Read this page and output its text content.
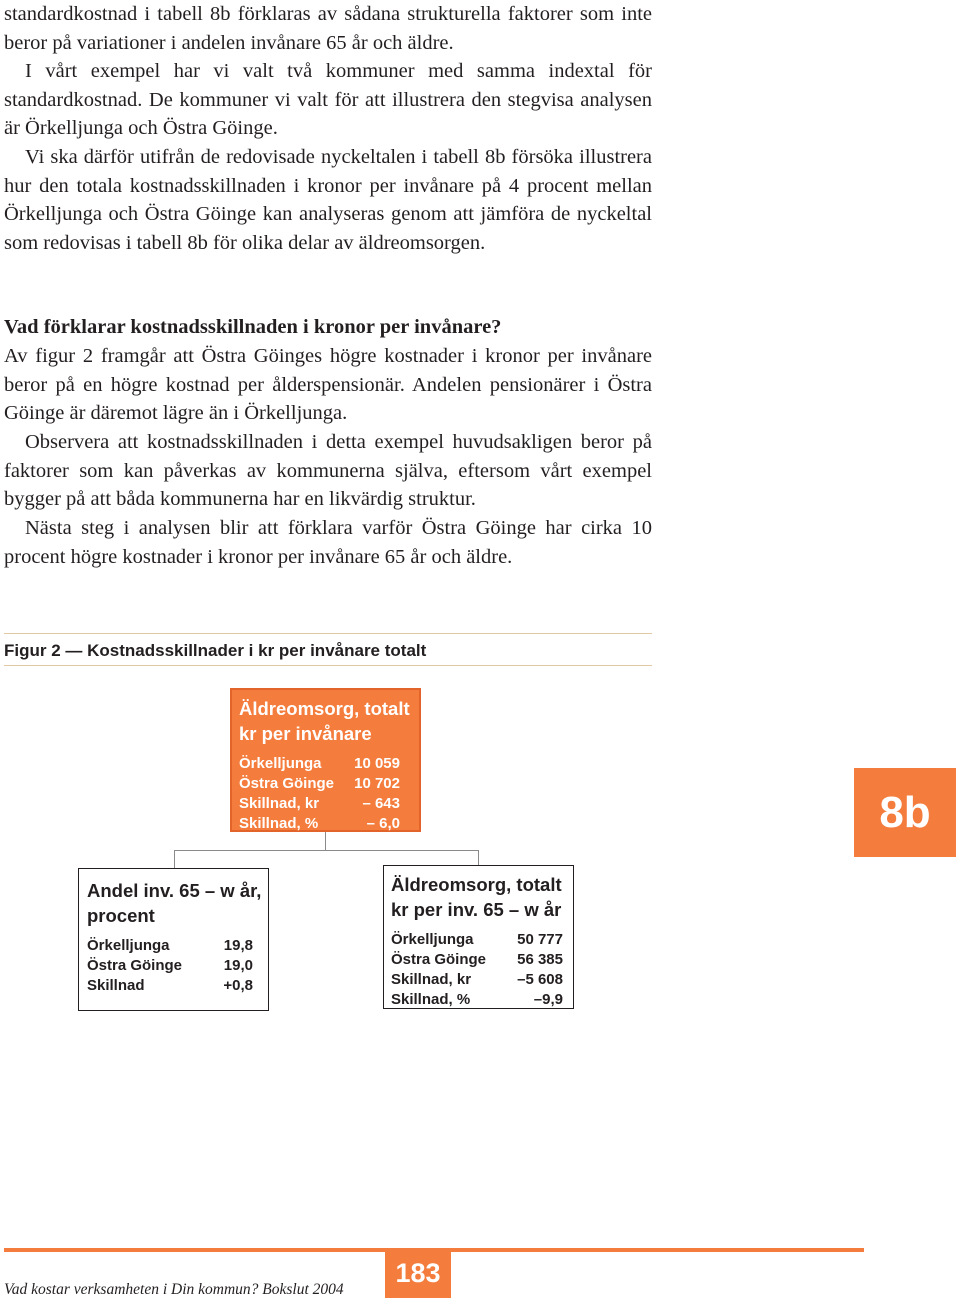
standardkostnad i tabell 8b förklaras av sådana strukturella faktorer som inte beror på variationer i andelen invånare 65 år och äldre.

I vårt exempel har vi valt två kommuner med samma indextal för standardkostnad. De kommuner vi valt för att illustrera den stegvisa analysen är Örkelljunga och Östra Göinge.

Vi ska därför utifrån de redovisade nyckeltalen i tabell 8b försöka illustrera hur den totala kostnadsskillnaden i kronor per invånare på 4 procent mellan Örkelljunga och Östra Göinge kan analyseras genom att jämföra de nyckeltal som redovisas i tabell 8b för olika delar av äldreomsorgen.

Vad förklarar kostnadsskillnaden i kronor per invånare?

Av figur 2 framgår att Östra Göinges högre kostnader i kronor per invånare beror på en högre kostnad per ålderspensionär. Andelen pensionärer i Östra Göinge är däremot lägre än i Örkelljunga.

Observera att kostnadsskillnaden i detta exempel huvudsakligen beror på faktorer som kan påverkas av kommunerna själva, eftersom vårt exempel bygger på att båda kommunerna har en likvärdig struktur.

Nästa steg i analysen blir att förklara varför Östra Göinge har cirka 10 procent högre kostnader i kronor per invånare 65 år och äldre.

Figur 2 — Kostnadsskillnader i kr per invånare totalt
Äldreomsorg, totalt
kr per invånare
Örkelljunga	10 059
Östra Göinge	10 702
Skillnad, kr	– 643
Skillnad, %	– 6,0
Andel inv. 65 – w år,
procent
Örkelljunga	19,8
Östra Göinge	19,0
Skillnad	+0,8
Äldreomsorg, totalt
kr per inv. 65 – w år
Örkelljunga	50 777
Östra Göinge	56 385
Skillnad, kr	–5 608
Skillnad, %	–9,9
8b
183
Vad kostar verksamheten i Din kommun? Bokslut 2004
